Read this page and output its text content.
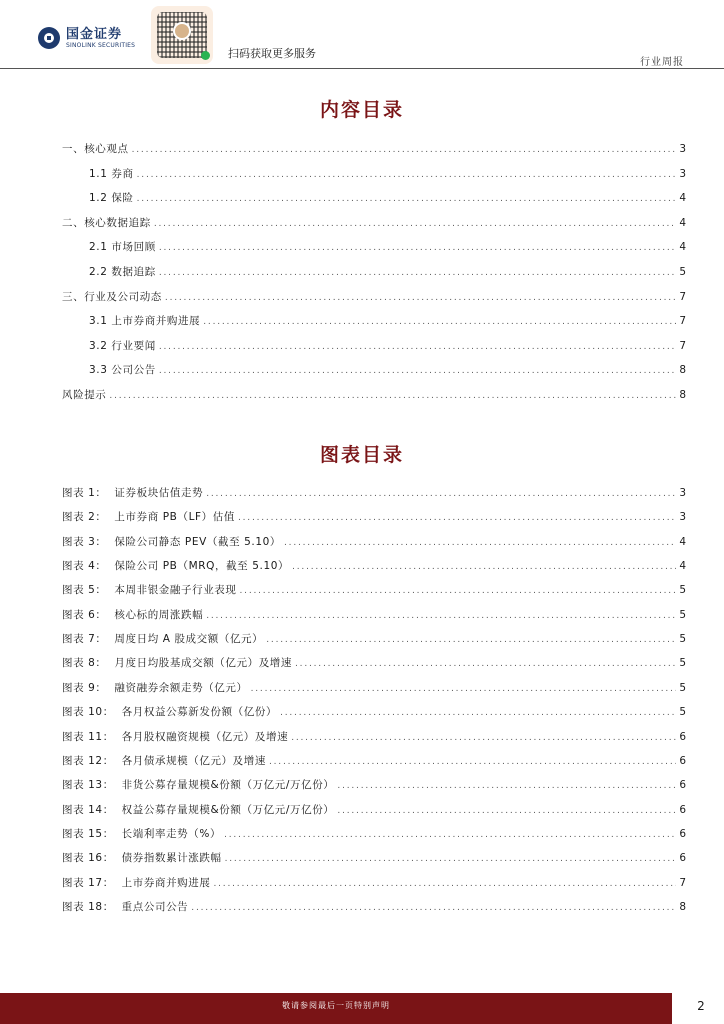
国金证券
SINOLINK SECURITIES
扫码获取更多服务
行业周报
内容目录
一、核心观点 .....	3
1.1 券商 .....	3
1.2 保险 .....	4
二、核心数据追踪 .....	4
2.1 市场回顾 .....	4
2.2 数据追踪 .....	5
三、行业及公司动态 .....	7
3.1 上市券商并购进展 .....	7
3.2 行业要闻 .....	7
3.3 公司公告 .....	8
风险提示 .....	8
图表目录
图表 1：  证券板块估值走势 .....	3
图表 2：  上市券商 PB（LF）估值 .....	3
图表 3：  保险公司静态 PEV（截至 5.10） .....	4
图表 4：  保险公司 PB（MRQ，截至 5.10） .....	4
图表 5：  本周非银金融子行业表现 .....	5
图表 6：  核心标的周涨跌幅 .....	5
图表 7：  周度日均 A 股成交额（亿元） .....	5
图表 8：  月度日均股基成交额（亿元）及增速 .....	5
图表 9：  融资融券余额走势（亿元） .....	5
图表 10：  各月权益公募新发份额（亿份） .....	5
图表 11：  各月股权融资规模（亿元）及增速 .....	6
图表 12：  各月债承规模（亿元）及增速 .....	6
图表 13：  非货公募存量规模&份额（万亿元/万亿份） .....	6
图表 14：  权益公募存量规模&份额（万亿元/万亿份） .....	6
图表 15：  长端利率走势（%） .....	6
图表 16：  债券指数累计涨跌幅 .....	6
图表 17：  上市券商并购进展 .....	7
图表 18：  重点公司公告 .....	8
敬请参阅最后一页特别声明	2
